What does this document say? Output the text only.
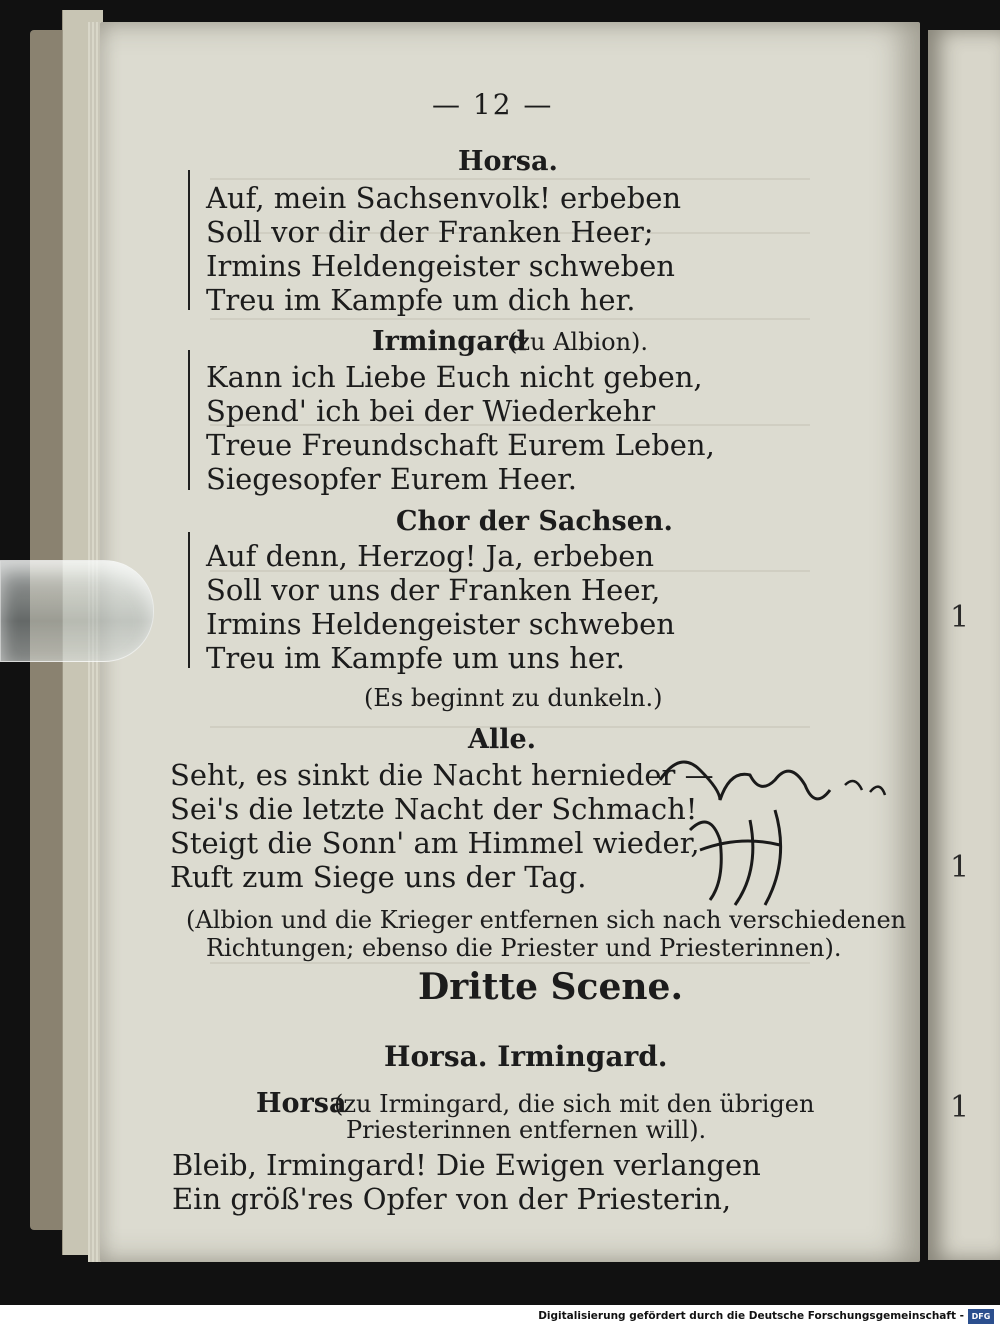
1
1
1
— 12 —
Horsa.
Auf, mein Sachsenvolk! erbeben
Soll vor dir der Franken Heer;
Irmins Heldengeister schweben
Treu im Kampfe um dich her.
Irmingard
(zu Albion).
Kann ich Liebe Euch nicht geben,
Spend' ich bei der Wiederkehr
Treue Freundschaft Eurem Leben,
Siegesopfer Eurem Heer.
Chor der Sachsen.
Auf denn, Herzog! Ja, erbeben
Soll vor uns der Franken Heer,
Irmins Heldengeister schweben
Treu im Kampfe um uns her.
(Es beginnt zu dunkeln.)
Alle.
Seht, es sinkt die Nacht hernieder —
Sei's die letzte Nacht der Schmach!
Steigt die Sonn' am Himmel wieder,
Ruft zum Siege uns der Tag.
(Albion und die Krieger entfernen sich nach verschiedenen
Richtungen; ebenso die Priester und Priesterinnen).
Dritte Scene.
Horsa. Irmingard.
Horsa
(zu Irmingard, die sich mit den übrigen
Priesterinnen entfernen will).
Bleib, Irmingard! Die Ewigen verlangen
Ein größ'res Opfer von der Priesterin,
Digitalisierung gefördert durch die Deutsche Forschungsgemeinschaft - DFG
